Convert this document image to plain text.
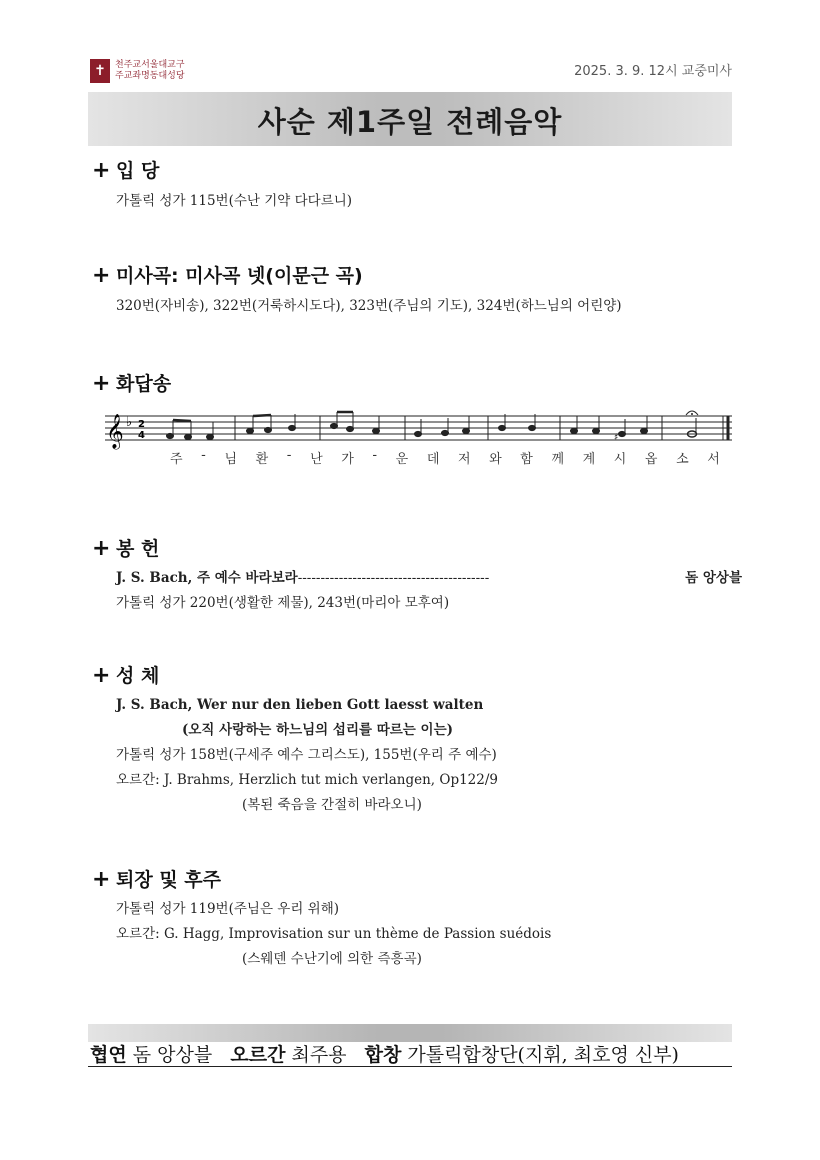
✝	천주교서울대교구
주교좌명동대성당	2025. 3. 9. 12시 교중미사
사순 제1주일 전례음악
+ 입 당
가톨릭 성가 115번(수난 기약 다다르니)
+ 미사곡: 미사곡 넷(이문근 곡)
320번(자비송), 322번(거룩하시도다), 323번(주님의 기도), 324번(하느님의 어린양)
+ 화답송
𝄞 ♭ 2
4	♯
주 - 님 환 - 난 가 - 운 데 저 와 함 께 계 시 옵 소 서
+ 봉 헌
J. S. Bach, 주 예수 바라보라 ------------------------------------------	돔 앙상블
가톨릭 성가 220번(생활한 제물), 243번(마리아 모후여)
+ 성 체
J. S. Bach, Wer nur den lieben Gott laesst walten
(오직 사랑하는 하느님의 섭리를 따르는 이는)
가톨릭 성가 158번(구세주 예수 그리스도), 155번(우리 주 예수)
오르간: J. Brahms, Herzlich tut mich verlangen, Op122/9
(복된 죽음을 간절히 바라오니)
+ 퇴장 및 후주
가톨릭 성가 119번(주님은 우리 위해)
오르간: G. Hagg, Improvisation sur un thème de Passion suédois
(스웨덴 수난기에 의한 즉흥곡)
협연 돔 앙상블 오르간 최주용 합창 가톨릭합창단(지휘, 최호영 신부)
